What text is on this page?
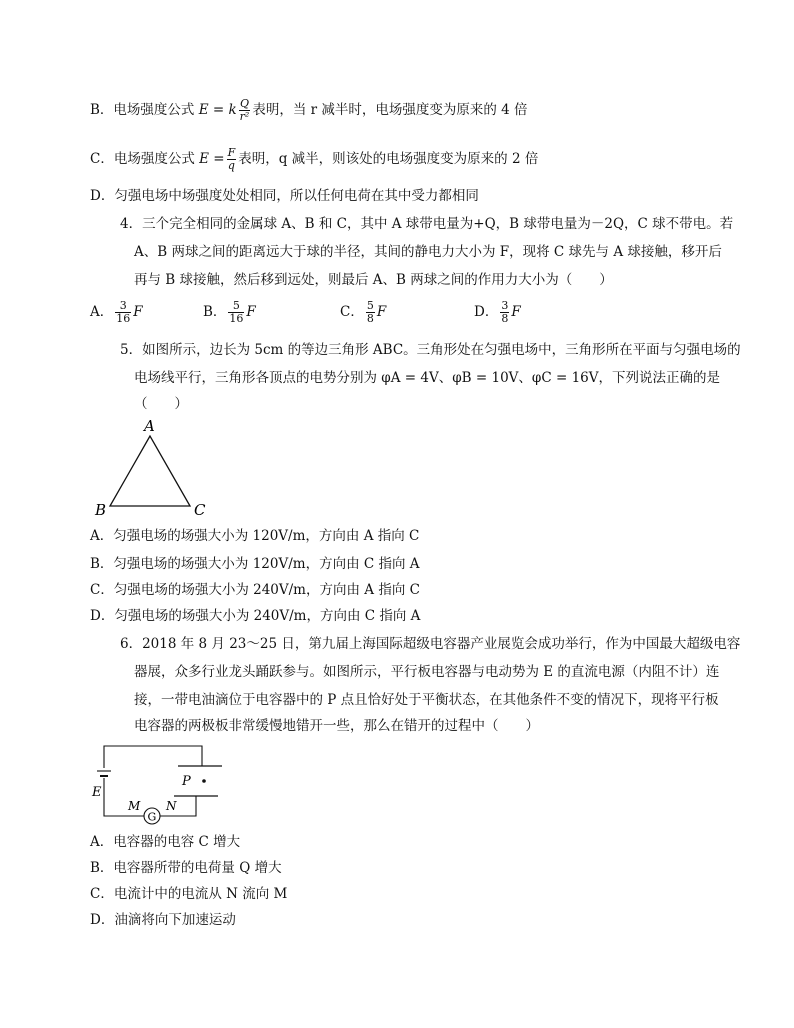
B．电场强度公式 E = k $\frac{Q}{\text{r²}}$ 表明，当 r 减半时，电场强度变为原来的 4 倍
C．电场强度公式 $E = \frac{F}{q}$ 表明，q 减半，则该处的电场强度变为原来的 2 倍
D．匀强电场中场强度处处相同，所以任何电荷在其中受力都相同
4．三个完全相同的金属球 A、B 和 C，其中 A 球带电量为+Q，B 球带电量为－2Q，C 球不带电。若
A、B 两球之间的距离远大于球的半径，其间的静电力大小为 F，现将 C 球先与 A 球接触，移开后
再与 B 球接触，然后移到远处，则最后 A、B 两球之间的作用力大小为（　　）
A． $\frac{3}{16}$ F	B． $\frac{5}{16}$ F	C． $\frac{5}{8}$ F	D． $\frac{3}{8}$ F
5．如图所示，边长为 5cm 的等边三角形 ABC。三角形处在匀强电场中，三角形所在平面与匀强电场的
电场线平行，三角形各顶点的电势分别为 φA = 4V、φB = 10V、φC = 16V，下列说法正确的是
（　　）
A
B	C
A．匀强电场的场强大小为 120V/m，方向由 A 指向 C
B．匀强电场的场强大小为 120V/m，方向由 C 指向 A
C．匀强电场的场强大小为 240V/m，方向由 A 指向 C
D．匀强电场的场强大小为 240V/m，方向由 C 指向 A
6．2018 年 8 月 23～25 日，第九届上海国际超级电容器产业展览会成功举行，作为中国最大超级电容
器展，众多行业龙头踊跃参与。如图所示，平行板电容器与电动势为 E 的直流电源（内阻不计）连
接，一带电油滴位于电容器中的 P 点且恰好处于平衡状态，在其他条件不变的情况下，现将平行板
电容器的两极板非常缓慢地错开一些，那么在错开的过程中（　　）
E
G
M N
P
A．电容器的电容 C 增大
B．电容器所带的电荷量 Q 增大
C．电流计中的电流从 N 流向 M
D．油滴将向下加速运动
